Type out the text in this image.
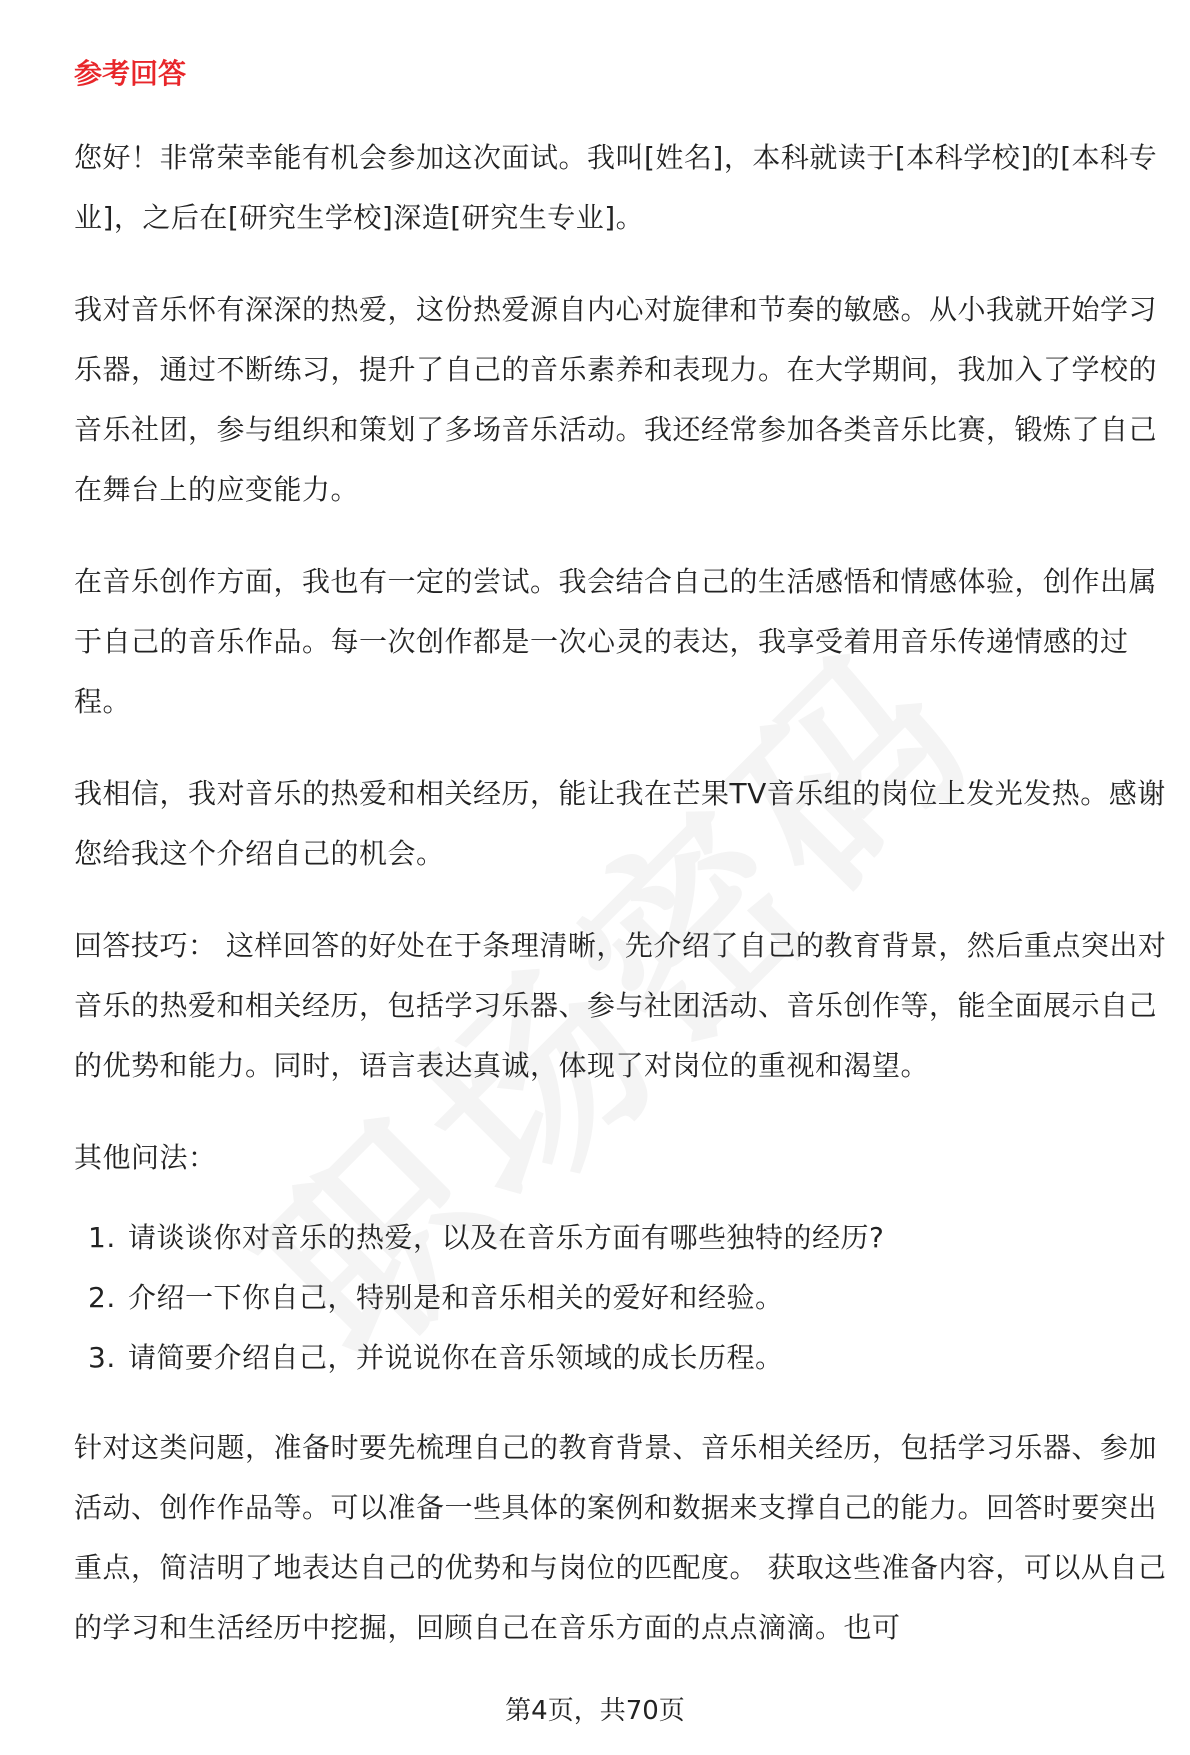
参考回答

您好！非常荣幸能有机会参加这次面试。我叫[姓名]，本科就读于[本科学校]的[本科专业]，之后在[研究生学校]深造[研究生专业]。

我对音乐怀有深深的热爱，这份热爱源自内心对旋律和节奏的敏感。从小我就开始学习乐器，通过不断练习，提升了自己的音乐素养和表现力。在大学期间，我加入了学校的音乐社团，参与组织和策划了多场音乐活动。我还经常参加各类音乐比赛，锻炼了自己在舞台上的应变能力。

在音乐创作方面，我也有一定的尝试。我会结合自己的生活感悟和情感体验，创作出属于自己的音乐作品。每一次创作都是一次心灵的表达，我享受着用音乐传递情感的过程。

我相信，我对音乐的热爱和相关经历，能让我在芒果TV音乐组的岗位上发光发热。感谢您给我这个介绍自己的机会。

回答技巧： 这样回答的好处在于条理清晰，先介绍了自己的教育背景，然后重点突出对音乐的热爱和相关经历，包括学习乐器、参与社团活动、音乐创作等，能全面展示自己的优势和能力。同时，语言表达真诚，体现了对岗位的重视和渴望。

其他问法：

1. 请谈谈你对音乐的热爱，以及在音乐方面有哪些独特的经历?
2. 介绍一下你自己，特别是和音乐相关的爱好和经验。
3. 请简要介绍自己，并说说你在音乐领域的成长历程。

针对这类问题，准备时要先梳理自己的教育背景、音乐相关经历，包括学习乐器、参加活动、创作作品等。可以准备一些具体的案例和数据来支撑自己的能力。回答时要突出重点，简洁明了地表达自己的优势和与岗位的匹配度。 获取这些准备内容，可以从自己的学习和生活经历中挖掘，回顾自己在音乐方面的点点滴滴。也可

第4页，共70页
